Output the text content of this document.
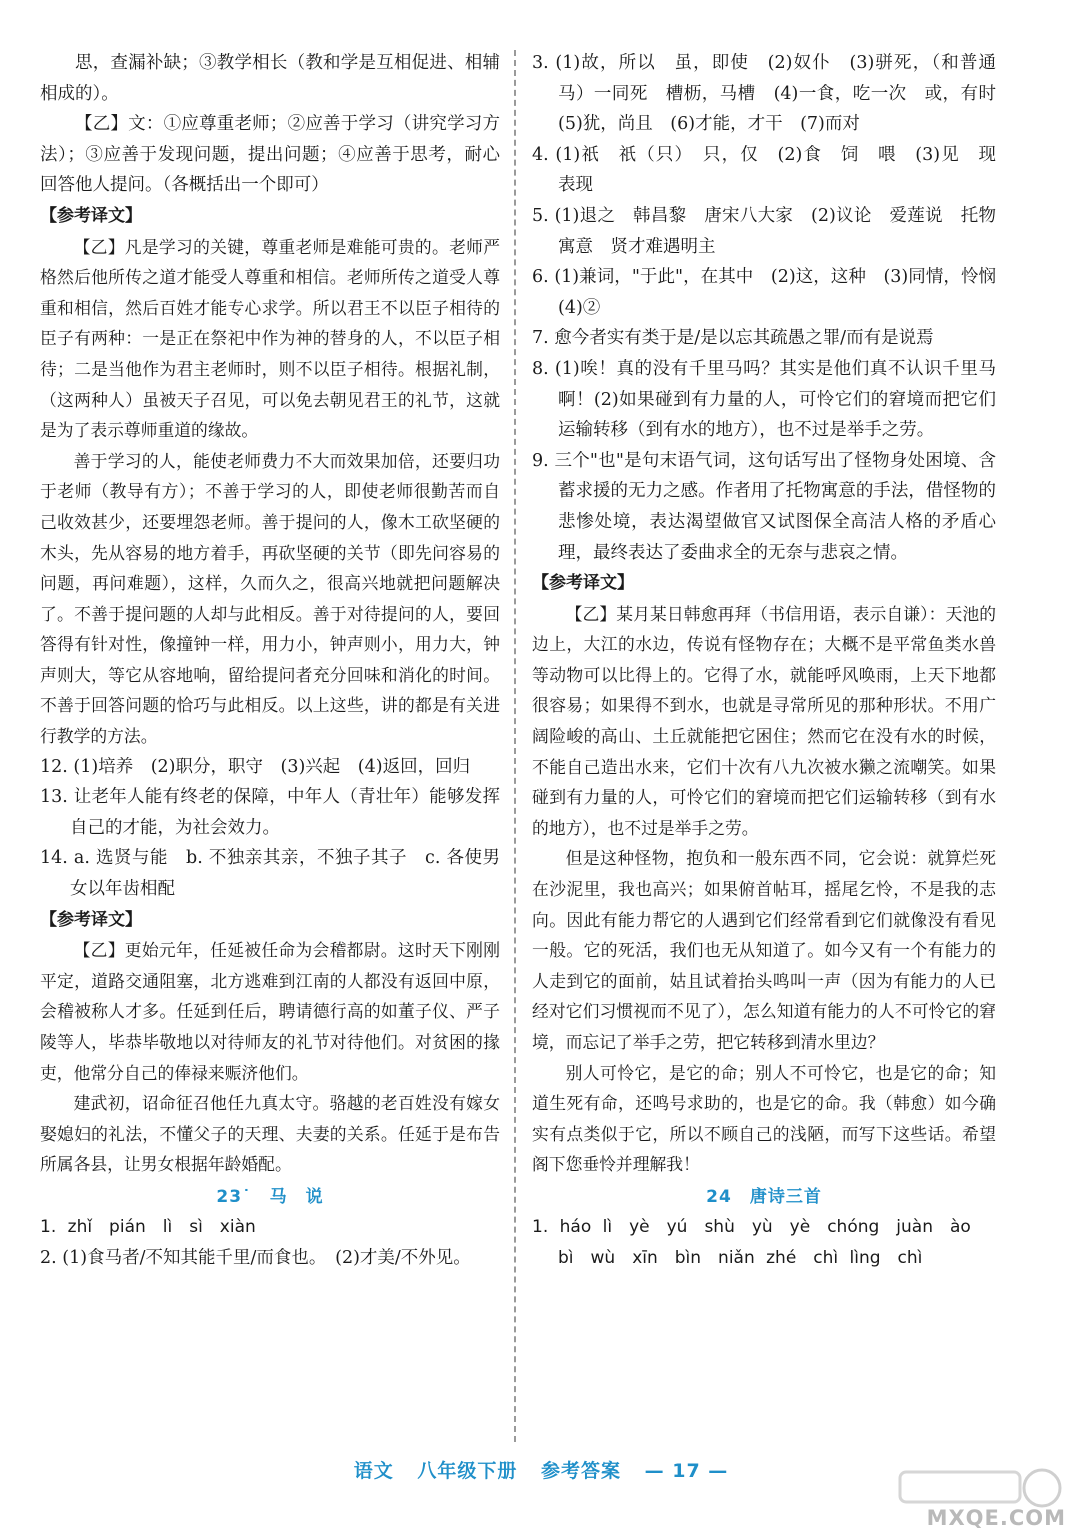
思，查漏补缺；③教学相长（教和学是互相促进、相辅相成的）。

【乙】文：①应尊重老师；②应善于学习（讲究学习方法）；③应善于发现问题，提出问题；④应善于思考，耐心回答他人提问。（各概括出一个即可）

【参考译文】

【乙】凡是学习的关键，尊重老师是难能可贵的。老师严格然后他所传之道才能受人尊重和相信。老师所传之道受人尊重和相信，然后百姓才能专心求学。所以君王不以臣子相待的臣子有两种：一是正在祭祀中作为神的替身的人，不以臣子相待；二是当他作为君主老师时，则不以臣子相待。根据礼制，（这两种人）虽被天子召见，可以免去朝见君王的礼节，这就是为了表示尊师重道的缘故。

善于学习的人，能使老师费力不大而效果加倍，还要归功于老师（教导有方）；不善于学习的人，即使老师很勤苦而自己收效甚少，还要埋怨老师。善于提问的人，像木工砍坚硬的木头，先从容易的地方着手，再砍坚硬的关节（即先问容易的问题，再问难题），这样，久而久之，很高兴地就把问题解决了。不善于提问题的人却与此相反。善于对待提问的人，要回答得有针对性，像撞钟一样，用力小，钟声则小，用力大，钟声则大，等它从容地响，留给提问者充分回味和消化的时间。不善于回答问题的恰巧与此相反。以上这些，讲的都是有关进行教学的方法。

12. (1)培养　(2)职分，职守　(3)兴起　(4)返回，回归

13. 让老年人能有终老的保障，中年人（青壮年）能够发挥自己的才能，为社会效力。

14. a. 选贤与能　b. 不独亲其亲，不独子其子　c. 各使男女以年齿相配

【参考译文】

【乙】更始元年，任延被任命为会稽都尉。这时天下刚刚平定，道路交通阻塞，北方逃难到江南的人都没有返回中原，会稽被称人才多。任延到任后，聘请德行高的如董子仪、严子陵等人，毕恭毕敬地以对待师友的礼节对待他们。对贫困的掾吏，他常分自己的俸禄来赈济他们。

建武初，诏命征召他任九真太守。骆越的老百姓没有嫁女娶媳妇的礼法，不懂父子的天理、夫妻的关系。任延于是布告所属各县，让男女根据年龄婚配。

23˙　马　说

1. zhǐ　pián　lì　sì　xiàn

2. (1)食马者/不知其能千里/而食也。　(2)才美/不外见。

3. (1)故，所以　虽，即使　(2)奴仆　(3)骈死，（和普通马）一同死　槽枥，马槽　(4)一食，吃一次　或，有时　(5)犹，尚且　(6)才能，才干　(7)而对

4. (1)祇　祇（只）　只，仅　(2)食　饲　喂　(3)见　现　表现

5. (1)退之　韩昌黎　唐宋八大家　(2)议论　爱莲说　托物寓意　贤才难遇明主

6. (1)兼词，"于此"，在其中　(2)这，这种　(3)同情，怜悯　(4)②

7. 愈今者实有类于是/是以忘其疏愚之罪/而有是说焉

8. (1)唉！真的没有千里马吗？其实是他们真不认识千里马啊！(2)如果碰到有力量的人，可怜它们的窘境而把它们运输转移（到有水的地方），也不过是举手之劳。

9. 三个"也"是句末语气词，这句话写出了怪物身处困境、含蓄求援的无力之感。作者用了托物寓意的手法，借怪物的悲惨处境，表达渴望做官又试图保全高洁人格的矛盾心理，最终表达了委曲求全的无奈与悲哀之情。

【参考译文】

【乙】某月某日韩愈再拜（书信用语，表示自谦）：天池的边上，大江的水边，传说有怪物存在；大概不是平常鱼类水兽等动物可以比得上的。它得了水，就能呼风唤雨，上天下地都很容易；如果得不到水，也就是寻常所见的那种形状。不用广阔险峻的高山、土丘就能把它困住；然而它在没有水的时候，不能自己造出水来，它们十次有八九次被水獭之流嘲笑。如果碰到有力量的人，可怜它们的窘境而把它们运输转移（到有水的地方），也不过是举手之劳。

但是这种怪物，抱负和一般东西不同，它会说：就算烂死在沙泥里，我也高兴；如果俯首帖耳，摇尾乞怜，不是我的志向。因此有能力帮它的人遇到它们经常看到它们就像没有看见一般。它的死活，我们也无从知道了。如今又有一个有能力的人走到它的面前，姑且试着抬头鸣叫一声（因为有能力的人已经对它们习惯视而不见了），怎么知道有能力的人不可怜它的窘境，而忘记了举手之劳，把它转移到清水里边？

别人可怜它，是它的命；别人不可怜它，也是它的命；知道生死有命，还鸣号求助的，也是它的命。我（韩愈）如今确实有点类似于它，所以不顾自己的浅陋，而写下这些话。希望阁下您垂怜并理解我！

24　唐诗三首

1. háo lì　yè　yú　shù　yù　yè　chóng　juàn　ào　bì　wù　xīn　bìn　niǎn zhé　chì lìng　chì

语文 八年级下册 参考答案 — 17 —
MXQE.COM
